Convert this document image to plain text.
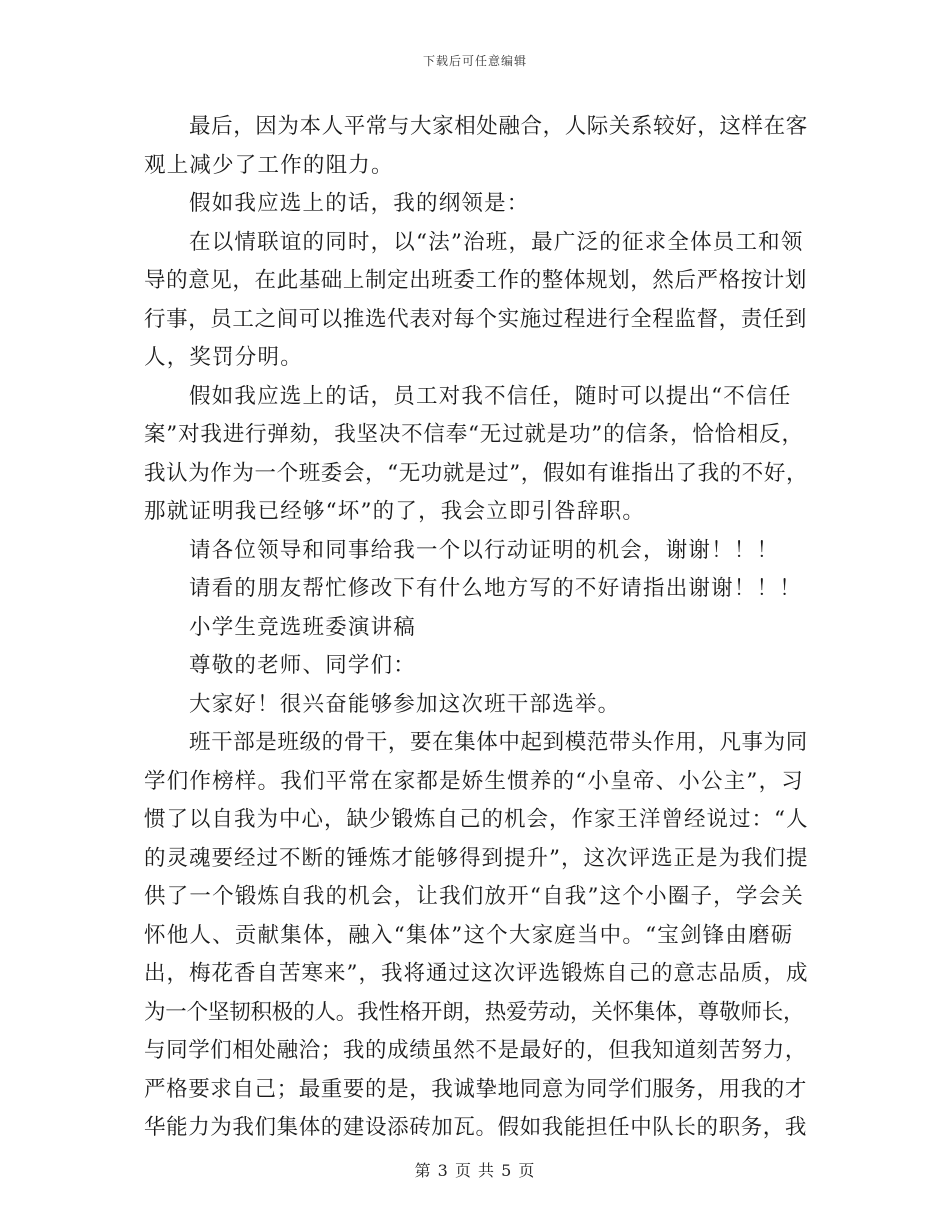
下载后可任意编辑
最后，因为本人平常与大家相处融合，人际关系较好，这样在客
观上减少了工作的阻力。
假如我应选上的话，我的纲领是：
在以情联谊的同时，以“法”治班，最广泛的征求全体员工和领
导的意见，在此基础上制定出班委工作的整体规划，然后严格按计划
行事，员工之间可以推选代表对每个实施过程进行全程监督，责任到
人，奖罚分明。
假如我应选上的话，员工对我不信任，随时可以提出“不信任
案”对我进行弹劾，我坚决不信奉“无过就是功”的信条，恰恰相反，
我认为作为一个班委会，“无功就是过”，假如有谁指出了我的不好，
那就证明我已经够“坏”的了，我会立即引咎辞职。
请各位领导和同事给我一个以行动证明的机会，谢谢！！！
请看的朋友帮忙修改下有什么地方写的不好请指出谢谢！！！
小学生竞选班委演讲稿
尊敬的老师、同学们：
大家好！很兴奋能够参加这次班干部选举。
班干部是班级的骨干，要在集体中起到模范带头作用，凡事为同
学们作榜样。我们平常在家都是娇生惯养的“小皇帝、小公主”，习
惯了以自我为中心，缺少锻炼自己的机会，作家王洋曾经说过：“人
的灵魂要经过不断的锤炼才能够得到提升”，这次评选正是为我们提
供了一个锻炼自我的机会，让我们放开“自我”这个小圈子，学会关
怀他人、贡献集体，融入“集体”这个大家庭当中。“宝剑锋由磨砺
出，梅花香自苦寒来”，我将通过这次评选锻炼自己的意志品质，成
为一个坚韧积极的人。我性格开朗，热爱劳动，关怀集体，尊敬师长，
与同学们相处融洽；我的成绩虽然不是最好的，但我知道刻苦努力，
严格要求自己；最重要的是，我诚挚地同意为同学们服务，用我的才
华能力为我们集体的建设添砖加瓦。假如我能担任中队长的职务，我
第 3 页 共 5 页
